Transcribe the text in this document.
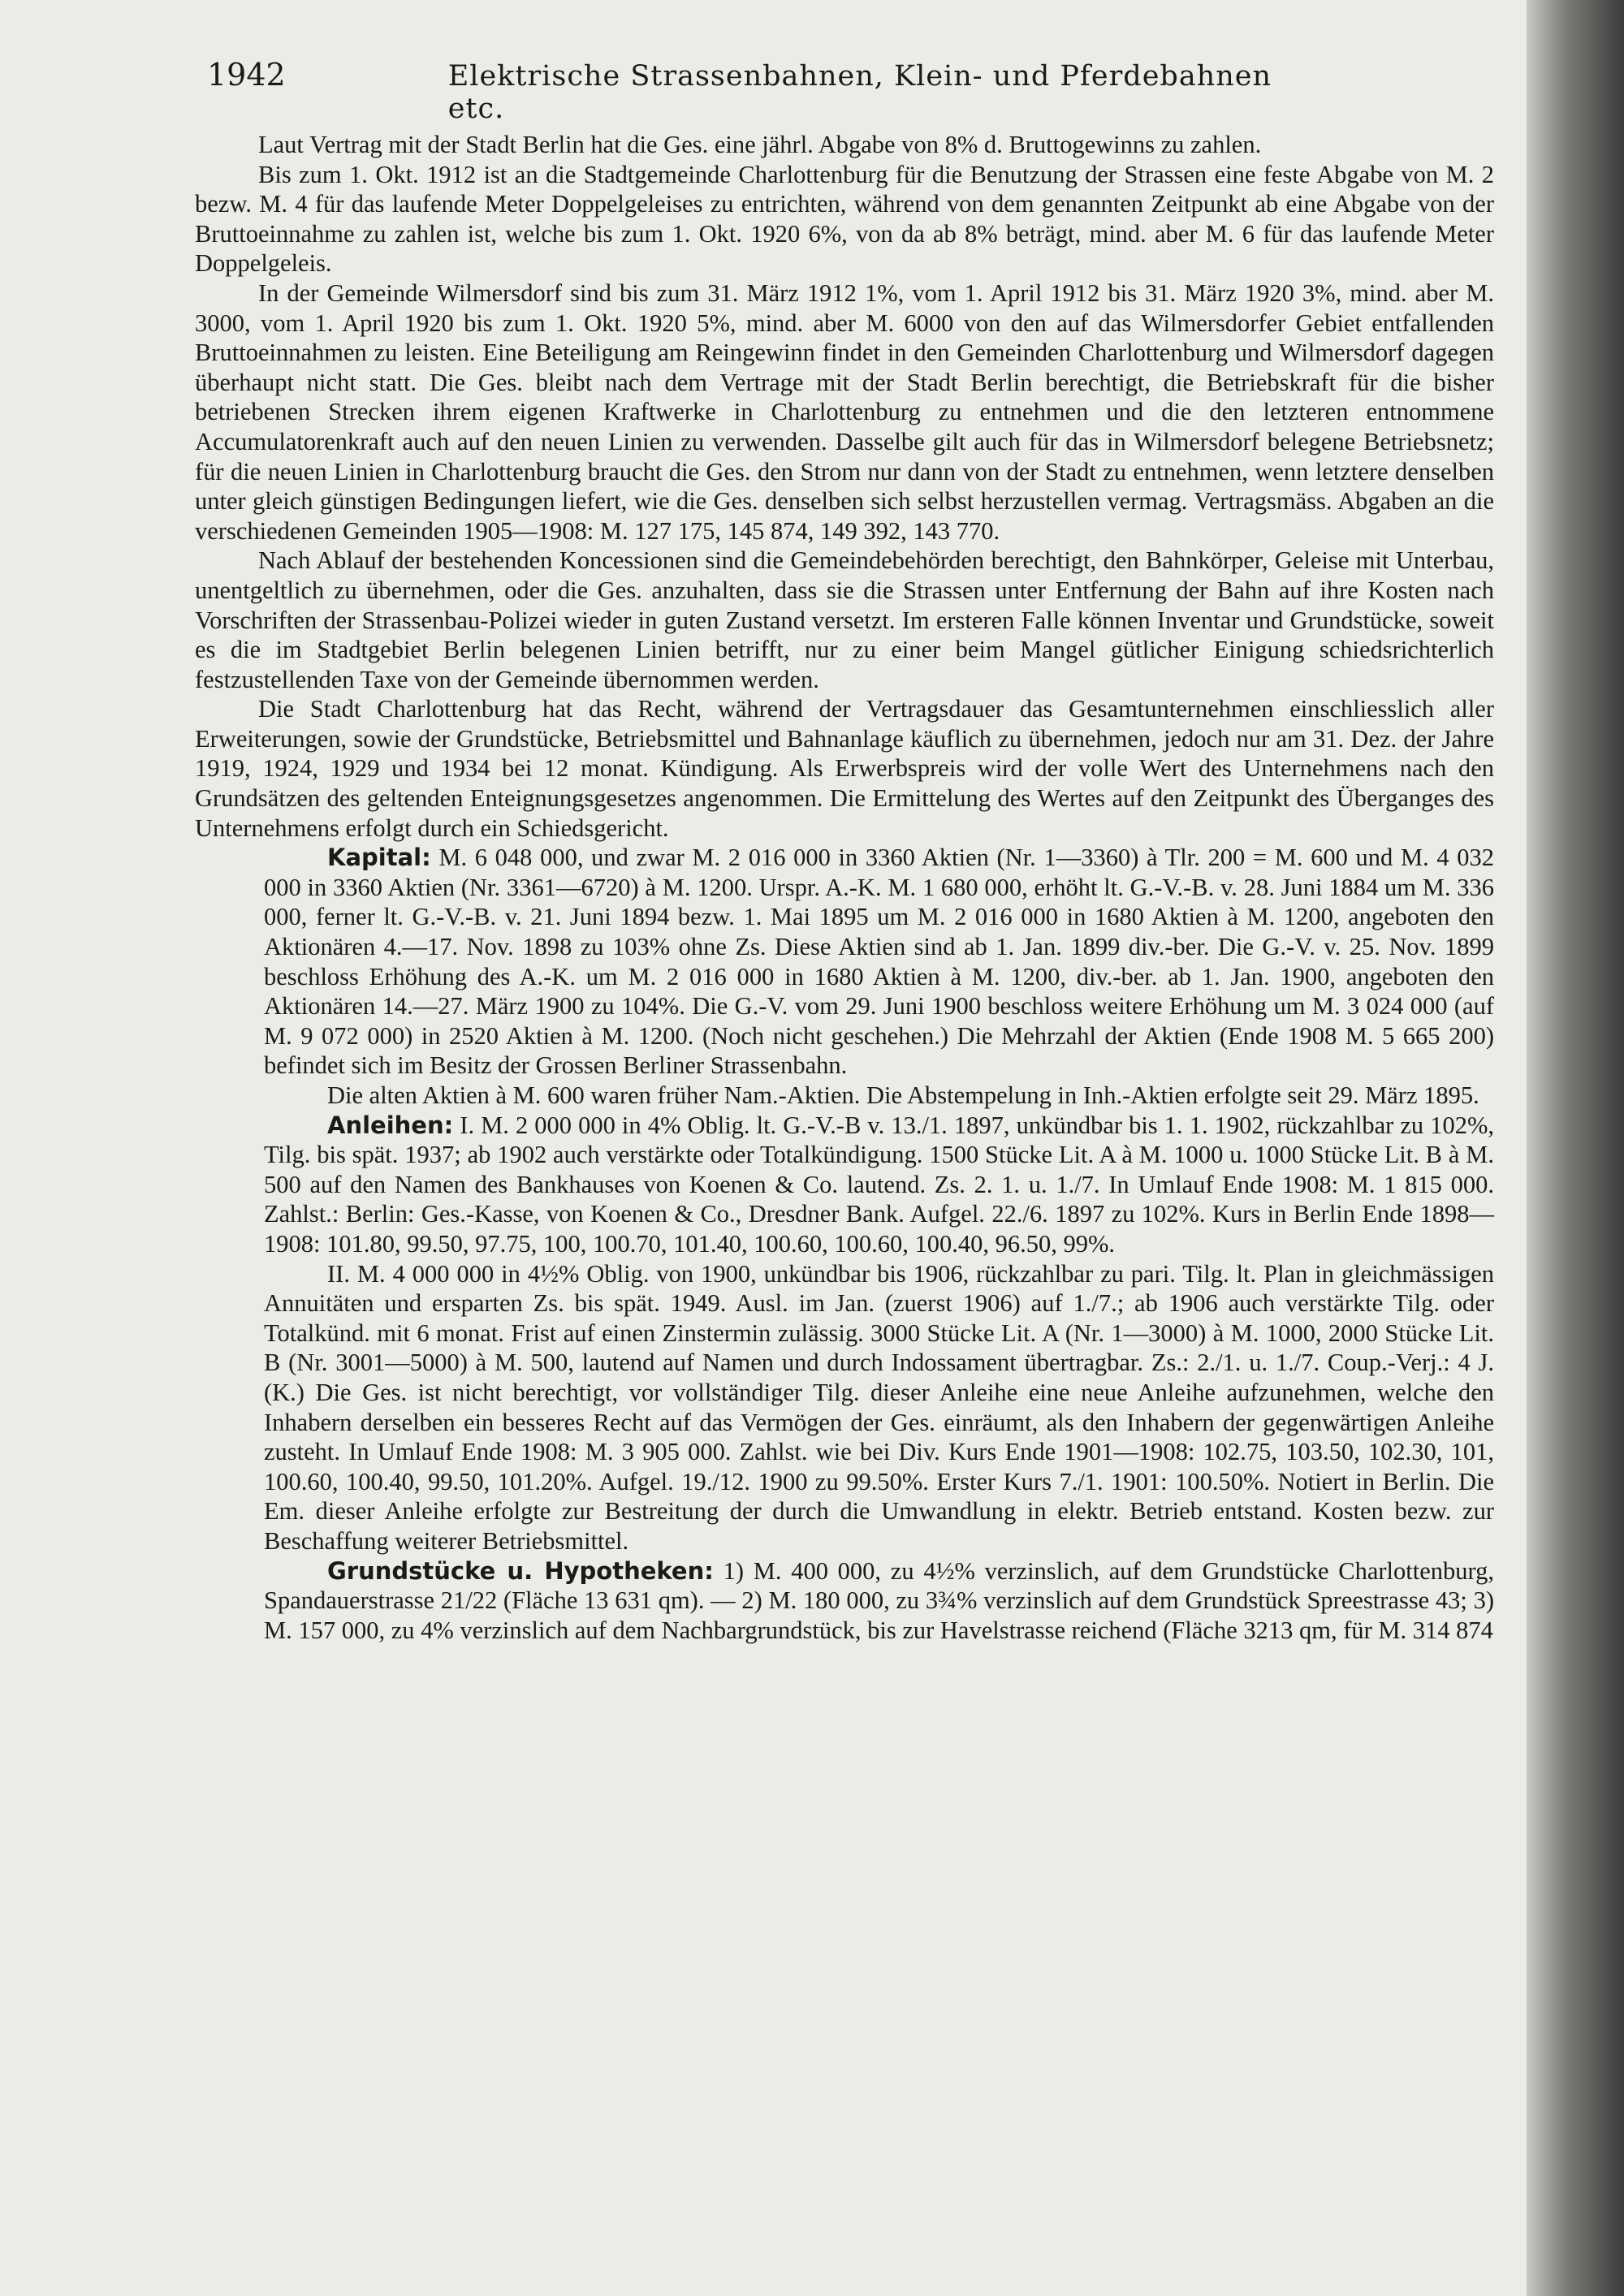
1942	Elektrische Strassenbahnen, Klein- und Pferdebahnen etc.

Laut Vertrag mit der Stadt Berlin hat die Ges. eine jährl. Abgabe von 8% d. Bruttogewinns zu zahlen.

Bis zum 1. Okt. 1912 ist an die Stadtgemeinde Charlottenburg für die Benutzung der Strassen eine feste Abgabe von M. 2 bezw. M. 4 für das laufende Meter Doppelgeleises zu entrichten, während von dem genannten Zeitpunkt ab eine Abgabe von der Bruttoeinnahme zu zahlen ist, welche bis zum 1. Okt. 1920 6%, von da ab 8% beträgt, mind. aber M. 6 für das laufende Meter Doppelgeleis.

In der Gemeinde Wilmersdorf sind bis zum 31. März 1912 1%, vom 1. April 1912 bis 31. März 1920 3%, mind. aber M. 3000, vom 1. April 1920 bis zum 1. Okt. 1920 5%, mind. aber M. 6000 von den auf das Wilmersdorfer Gebiet entfallenden Bruttoeinnahmen zu leisten. Eine Beteiligung am Reingewinn findet in den Gemeinden Charlottenburg und Wilmersdorf dagegen überhaupt nicht statt. Die Ges. bleibt nach dem Vertrage mit der Stadt Berlin berechtigt, die Betriebskraft für die bisher betriebenen Strecken ihrem eigenen Kraftwerke in Charlottenburg zu entnehmen und die den letzteren entnommene Accumulatorenkraft auch auf den neuen Linien zu verwenden. Dasselbe gilt auch für das in Wilmersdorf belegene Betriebsnetz; für die neuen Linien in Charlottenburg braucht die Ges. den Strom nur dann von der Stadt zu entnehmen, wenn letztere denselben unter gleich günstigen Bedingungen liefert, wie die Ges. denselben sich selbst herzustellen vermag. Vertragsmäss. Abgaben an die verschiedenen Gemeinden 1905—1908: M. 127 175, 145 874, 149 392, 143 770.

Nach Ablauf der bestehenden Koncessionen sind die Gemeindebehörden berechtigt, den Bahnkörper, Geleise mit Unterbau, unentgeltlich zu übernehmen, oder die Ges. anzuhalten, dass sie die Strassen unter Entfernung der Bahn auf ihre Kosten nach Vorschriften der Strassenbau-Polizei wieder in guten Zustand versetzt. Im ersteren Falle können Inventar und Grundstücke, soweit es die im Stadtgebiet Berlin belegenen Linien betrifft, nur zu einer beim Mangel gütlicher Einigung schiedsrichterlich festzustellenden Taxe von der Gemeinde übernommen werden.

Die Stadt Charlottenburg hat das Recht, während der Vertragsdauer das Gesamtunternehmen einschliesslich aller Erweiterungen, sowie der Grundstücke, Betriebsmittel und Bahnanlage käuflich zu übernehmen, jedoch nur am 31. Dez. der Jahre 1919, 1924, 1929 und 1934 bei 12 monat. Kündigung. Als Erwerbspreis wird der volle Wert des Unternehmens nach den Grundsätzen des geltenden Enteignungsgesetzes angenommen. Die Ermittelung des Wertes auf den Zeitpunkt des Überganges des Unternehmens erfolgt durch ein Schiedsgericht.

Kapital: M. 6 048 000, und zwar M. 2 016 000 in 3360 Aktien (Nr. 1—3360) à Tlr. 200 = M. 600 und M. 4 032 000 in 3360 Aktien (Nr. 3361—6720) à M. 1200. Urspr. A.-K. M. 1 680 000, erhöht lt. G.-V.-B. v. 28. Juni 1884 um M. 336 000, ferner lt. G.-V.-B. v. 21. Juni 1894 bezw. 1. Mai 1895 um M. 2 016 000 in 1680 Aktien à M. 1200, angeboten den Aktionären 4.—17. Nov. 1898 zu 103% ohne Zs. Diese Aktien sind ab 1. Jan. 1899 div.-ber. Die G.-V. v. 25. Nov. 1899 beschloss Erhöhung des A.-K. um M. 2 016 000 in 1680 Aktien à M. 1200, div.-ber. ab 1. Jan. 1900, angeboten den Aktionären 14.—27. März 1900 zu 104%. Die G.-V. vom 29. Juni 1900 beschloss weitere Erhöhung um M. 3 024 000 (auf M. 9 072 000) in 2520 Aktien à M. 1200. (Noch nicht geschehen.) Die Mehrzahl der Aktien (Ende 1908 M. 5 665 200) befindet sich im Besitz der Grossen Berliner Strassenbahn.

Die alten Aktien à M. 600 waren früher Nam.-Aktien. Die Abstempelung in Inh.-Aktien erfolgte seit 29. März 1895.

Anleihen: I. M. 2 000 000 in 4% Oblig. lt. G.-V.-B v. 13./1. 1897, unkündbar bis 1. 1. 1902, rückzahlbar zu 102%, Tilg. bis spät. 1937; ab 1902 auch verstärkte oder Totalkündigung. 1500 Stücke Lit. A à M. 1000 u. 1000 Stücke Lit. B à M. 500 auf den Namen des Bankhauses von Koenen & Co. lautend. Zs. 2. 1. u. 1./7. In Umlauf Ende 1908: M. 1 815 000. Zahlst.: Berlin: Ges.-Kasse, von Koenen & Co., Dresdner Bank. Aufgel. 22./6. 1897 zu 102%. Kurs in Berlin Ende 1898—1908: 101.80, 99.50, 97.75, 100, 100.70, 101.40, 100.60, 100.60, 100.40, 96.50, 99%.

II. M. 4 000 000 in 4½% Oblig. von 1900, unkündbar bis 1906, rückzahlbar zu pari. Tilg. lt. Plan in gleichmässigen Annuitäten und ersparten Zs. bis spät. 1949. Ausl. im Jan. (zuerst 1906) auf 1./7.; ab 1906 auch verstärkte Tilg. oder Totalkünd. mit 6 monat. Frist auf einen Zinstermin zulässig. 3000 Stücke Lit. A (Nr. 1—3000) à M. 1000, 2000 Stücke Lit. B (Nr. 3001—5000) à M. 500, lautend auf Namen und durch Indossament übertragbar. Zs.: 2./1. u. 1./7. Coup.-Verj.: 4 J. (K.) Die Ges. ist nicht berechtigt, vor vollständiger Tilg. dieser Anleihe eine neue Anleihe aufzunehmen, welche den Inhabern derselben ein besseres Recht auf das Vermögen der Ges. einräumt, als den Inhabern der gegenwärtigen Anleihe zusteht. In Umlauf Ende 1908: M. 3 905 000. Zahlst. wie bei Div. Kurs Ende 1901—1908: 102.75, 103.50, 102.30, 101, 100.60, 100.40, 99.50, 101.20%. Aufgel. 19./12. 1900 zu 99.50%. Erster Kurs 7./1. 1901: 100.50%. Notiert in Berlin. Die Em. dieser Anleihe erfolgte zur Bestreitung der durch die Umwandlung in elektr. Betrieb entstand. Kosten bezw. zur Beschaffung weiterer Betriebsmittel.

Grundstücke u. Hypotheken: 1) M. 400 000, zu 4½% verzinslich, auf dem Grundstücke Charlottenburg, Spandauerstrasse 21/22 (Fläche 13 631 qm). — 2) M. 180 000, zu 3¾% verzinslich auf dem Grundstück Spreestrasse 43; 3) M. 157 000, zu 4% verzinslich auf dem Nachbargrundstück, bis zur Havelstrasse reichend (Fläche 3213 qm, für M. 314 874
